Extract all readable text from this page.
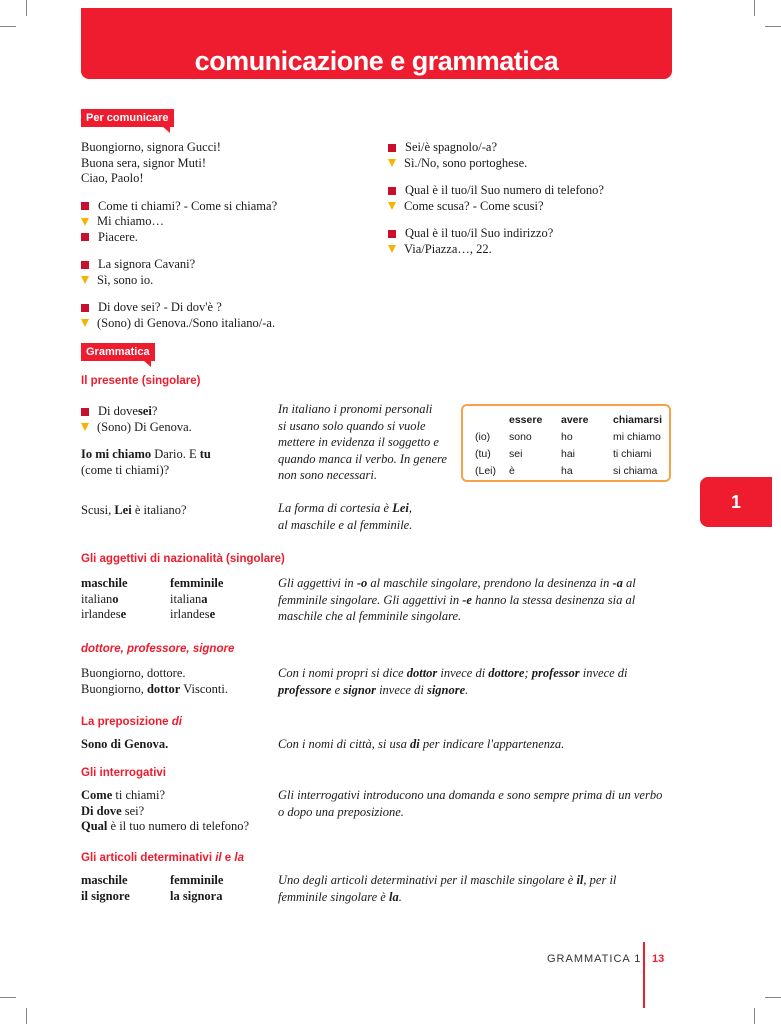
comunicazione e grammatica
Per comunicare
Buongiorno, signora Gucci!
Buona sera, signor Muti!
Ciao, Paolo!
Come ti chiami? - Come si chiama?
Mi chiamo…
Piacere.
La signora Cavani?
Sì, sono io.
Di dove sei? - Di dov'è ?
(Sono) di Genova./Sono italiano/-a.
Sei/è spagnolo/-a?
Sì./No, sono portoghese.
Qual è il tuo/il Suo numero di telefono?
Come scusa? - Come scusi?
Qual è il tuo/il Suo indirizzo?
Via/Piazza…, 22.
Grammatica
Il presente (singolare)
Di dove sei ?
(Sono) Di Genova.
Io mi chiamo Dario. E tu
(come ti chiami)?
Scusi, Lei è italiano?
In italiano i pronomi personali
si usano solo quando si vuole
mettere in evidenza il soggetto e
quando manca il verbo. In genere
non sono necessari.
La forma di cortesia è Lei,
al maschile e al femminile.
	essere	avere	chiamarsi
(io)	sono	ho	mi chiamo
(tu)	sei	hai	ti chiami
(Lei)	è	ha	si chiama
1
Gli aggettivi di nazionalità (singolare)
maschile	femminile
italiano	italiana
irlandese	irlandese
Gli aggettivi in -o al maschile singolare, prendono la desinenza in -a al
femminile singolare. Gli aggettivi in -e hanno la stessa desinenza sia al
maschile che al femminile singolare.
dottore, professore, signore
Buongiorno, dottore.
Buongiorno, dottor Visconti.
Con i nomi propri si dice dottor invece di dottore; professor invece di
professore e signor invece di signore.
La preposizione di
Sono di Genova.	Con i nomi di città, si usa di per indicare l'appartenenza.
Gli interrogativi
Come ti chiami?
Di dove sei?
Qual è il tuo numero di telefono?
Gli interrogativi introducono una domanda e sono sempre prima di un verbo
o dopo una preposizione.
Gli articoli determinativi il e la
maschile	femminile
il signore	la signora
Uno degli articoli determinativi per il maschile singolare è il, per il
femminile singolare è la.
GRAMMATICA 1 13
